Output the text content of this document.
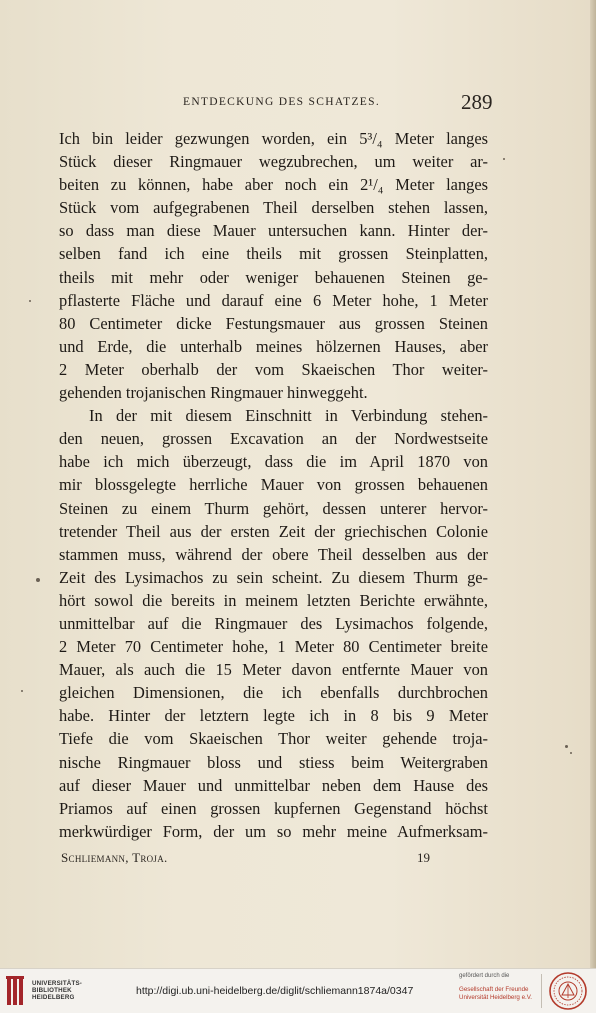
ENTDECKUNG DES SCHATZES.	289
Ich bin leider gezwungen worden, ein 5³/₄ Meter langes
Stück dieser Ringmauer wegzubrechen, um weiter ar-
beiten zu können, habe aber noch ein 2¹/₄ Meter langes
Stück vom aufgegrabenen Theil derselben stehen lassen,
so dass man diese Mauer untersuchen kann. Hinter der-
selben fand ich eine theils mit grossen Steinplatten,
theils mit mehr oder weniger behauenen Steinen ge-
pflasterte Fläche und darauf eine 6 Meter hohe, 1 Meter
80 Centimeter dicke Festungsmauer aus grossen Steinen
und Erde, die unterhalb meines hölzernen Hauses, aber
2 Meter oberhalb der vom Skaeischen Thor weiter-
gehenden trojanischen Ringmauer hinweggeht.
In der mit diesem Einschnitt in Verbindung stehen-
den neuen, grossen Excavation an der Nordwestseite
habe ich mich überzeugt, dass die im April 1870 von
mir blossgelegte herrliche Mauer von grossen behauenen
Steinen zu einem Thurm gehört, dessen unterer hervor-
tretender Theil aus der ersten Zeit der griechischen Colonie
stammen muss, während der obere Theil desselben aus der
Zeit des Lysimachos zu sein scheint. Zu diesem Thurm ge-
hört sowol die bereits in meinem letzten Berichte erwähnte,
unmittelbar auf die Ringmauer des Lysimachos folgende,
2 Meter 70 Centimeter hohe, 1 Meter 80 Centimeter breite
Mauer, als auch die 15 Meter davon entfernte Mauer von
gleichen Dimensionen, die ich ebenfalls durchbrochen
habe. Hinter der letztern legte ich in 8 bis 9 Meter
Tiefe die vom Skaeischen Thor weiter gehende troja-
nische Ringmauer bloss und stiess beim Weitergraben
auf dieser Mauer und unmittelbar neben dem Hause des
Priamos auf einen grossen kupfernen Gegenstand höchst
merkwürdiger Form, der um so mehr meine Aufmerksam-
Schliemann, Troja.	19
UNIVERSITÄTS-
BIBLIOTHEK
HEIDELBERG
http://digi.ub.uni-heidelberg.de/diglit/schliemann1874a/0347
gefördert durch die
Gesellschaft der Freunde
Universität Heidelberg e.V.
